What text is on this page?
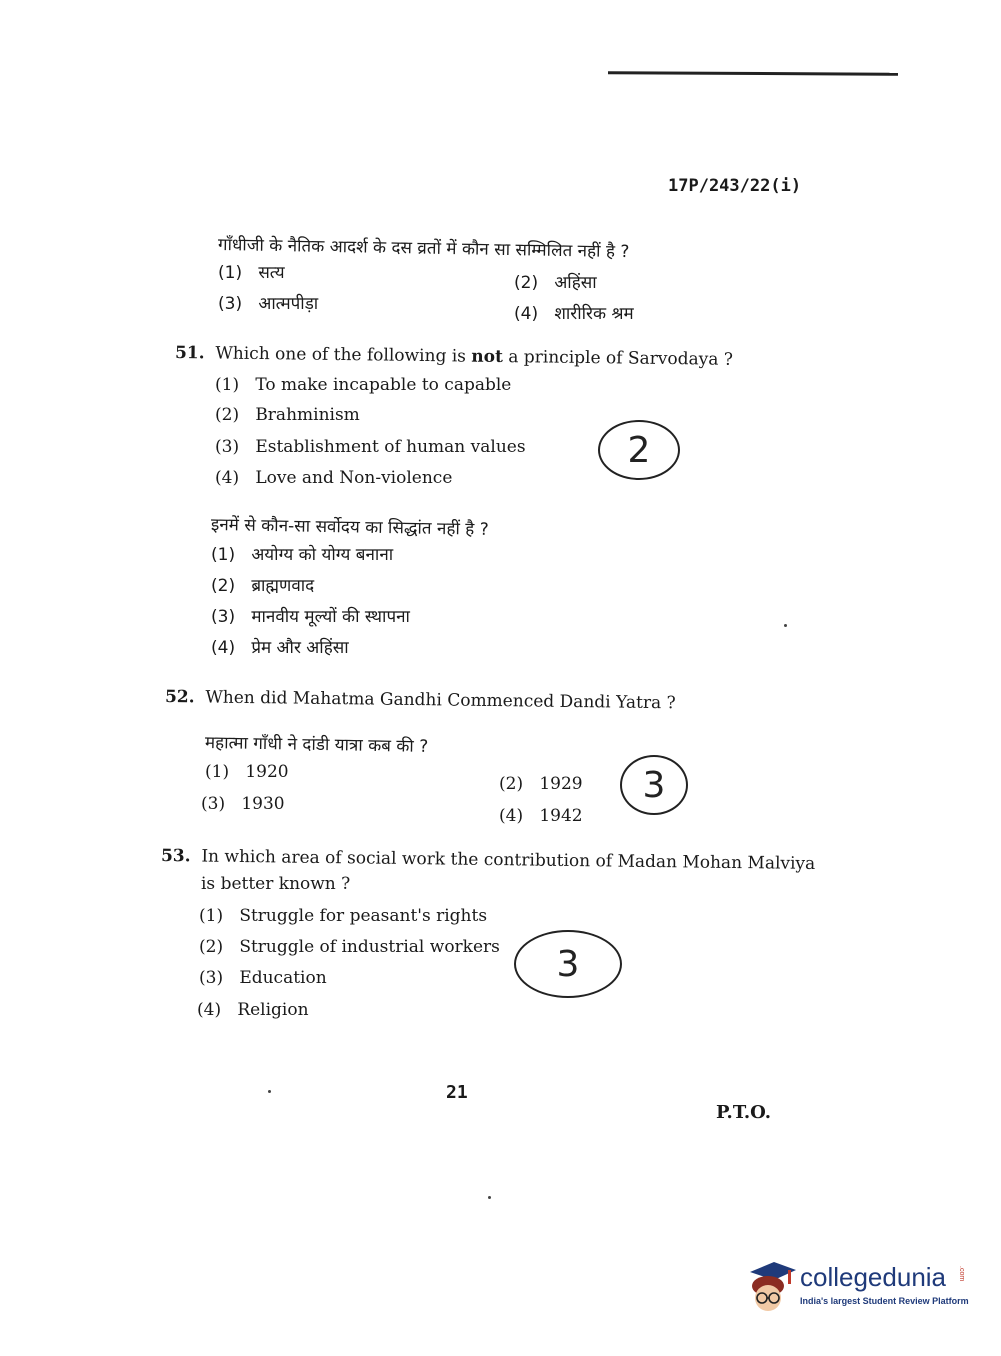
17P/243/22(i)
गाँधीजी के नैतिक आदर्श के दस व्रतों में कौन सा सम्मिलित नहीं है ?
(1) सत्य	(2) अहिंसा
(3) आत्मपीड़ा	(4) शारीरिक श्रम
51. Which one of the following is not a principle of Sarvodaya ?
(1) To make incapable to capable
(2) Brahminism
(3) Establishment of human values
(4) Love and Non-violence
2
इनमें से कौन-सा सर्वोदय का सिद्धांत नहीं है ?
(1) अयोग्य को योग्य बनाना
(2) ब्राह्मणवाद
(3) मानवीय मूल्यों की स्थापना
(4) प्रेम और अहिंसा
52. When did Mahatma Gandhi Commenced Dandi Yatra ?
महात्मा गाँधी ने दांडी यात्रा कब की ?
(1) 1920
(2) 1929
(3) 1930
(4) 1942
3
53. In which area of social work the contribution of Madan Mohan Malviya
is better known ?
(1) Struggle for peasant's rights
(2) Struggle of industrial workers
(3) Education
(4) Religion
3
21
P.T.O.
collegedunia .com
India's largest Student Review Platform
